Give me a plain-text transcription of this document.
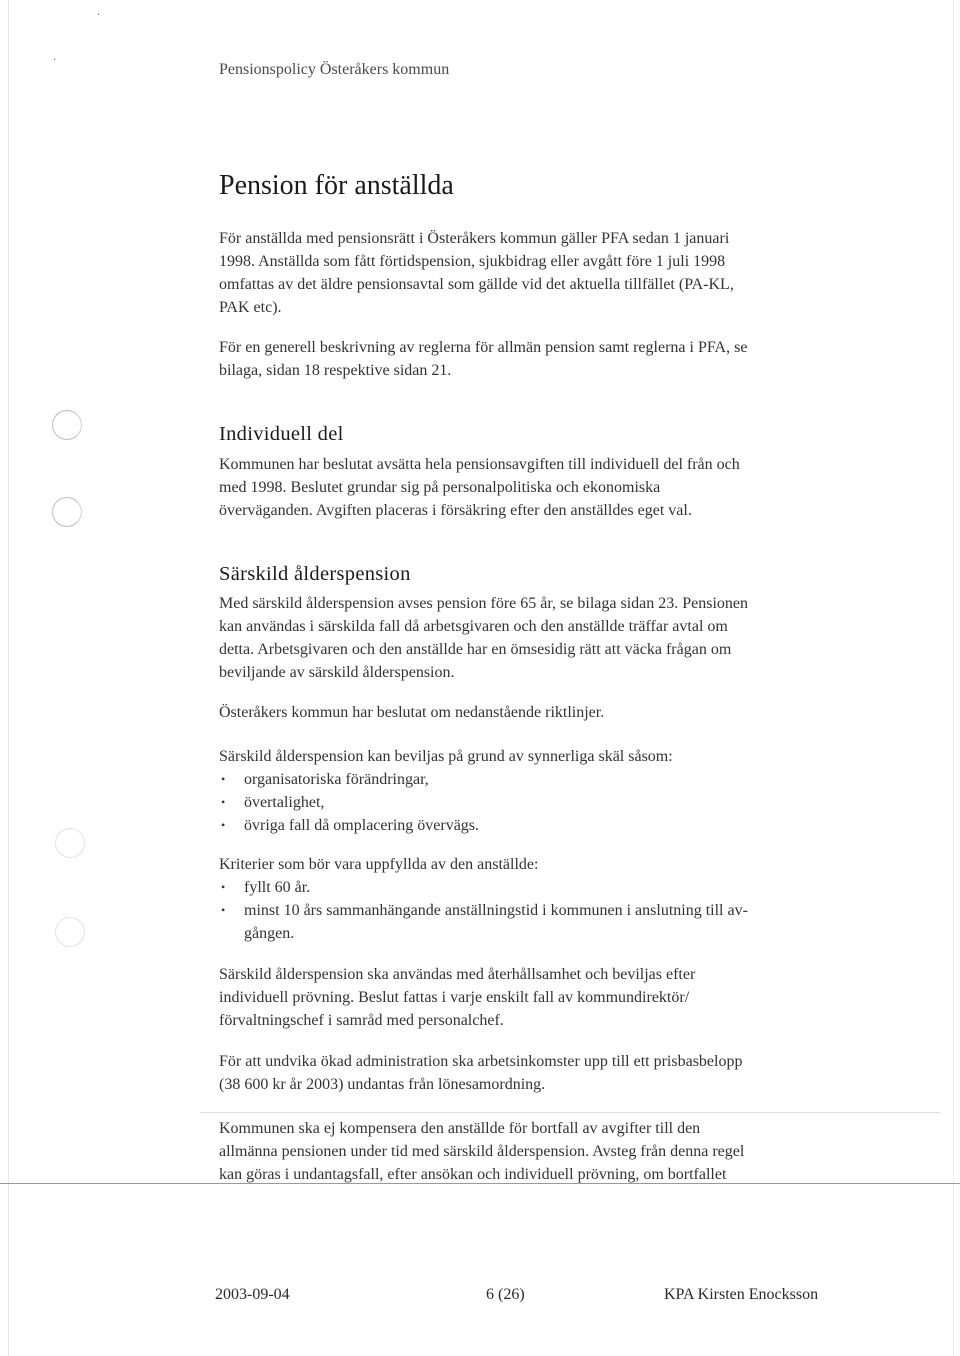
·
·
Pensionspolicy Österåkers kommun
Pension för anställda

För anställda med pensionsrätt i Österåkers kommun gäller PFA sedan 1 januari
1998. Anställda som fått förtidspension, sjukbidrag eller avgått före 1 juli 1998
omfattas av det äldre pensionsavtal som gällde vid det aktuella tillfället (PA-KL,
PAK etc).

För en generell beskrivning av reglerna för allmän pension samt reglerna i PFA, se
bilaga, sidan 18 respektive sidan 21.

Individuell del

Kommunen har beslutat avsätta hela pensionsavgiften till individuell del från och
med 1998. Beslutet grundar sig på personalpolitiska och ekonomiska
överväganden. Avgiften placeras i försäkring efter den anställdes eget val.

Särskild ålderspension

Med särskild ålderspension avses pension före 65 år, se bilaga sidan 23. Pensionen
kan användas i särskilda fall då arbetsgivaren och den anställde träffar avtal om
detta. Arbetsgivaren och den anställde har en ömsesidig rätt att väcka frågan om
beviljande av särskild ålderspension.

Österåkers kommun har beslutat om nedanstående riktlinjer.

Särskild ålderspension kan beviljas på grund av synnerliga skäl såsom:

• organisatoriska förändringar,
• övertalighet,
• övriga fall då omplacering övervägs.

Kriterier som bör vara uppfyllda av den anställde:

• fyllt 60 år.
• minst 10 års sammanhängande anställningstid i kommunen i anslutning till av-
gången.

Särskild ålderspension ska användas med återhållsamhet och beviljas efter
individuell prövning. Beslut fattas i varje enskilt fall av kommundirektör/
förvaltningschef i samråd med personalchef.

För att undvika ökad administration ska arbetsinkomster upp till ett prisbasbelopp
(38 600 kr år 2003) undantas från lönesamordning.

Kommunen ska ej kompensera den anställde för bortfall av avgifter till den
allmänna pensionen under tid med särskild ålderspension. Avsteg från denna regel
kan göras i undantagsfall, efter ansökan och individuell prövning, om bortfallet

2003-09-04	6 (26)	KPA Kirsten Enocksson
